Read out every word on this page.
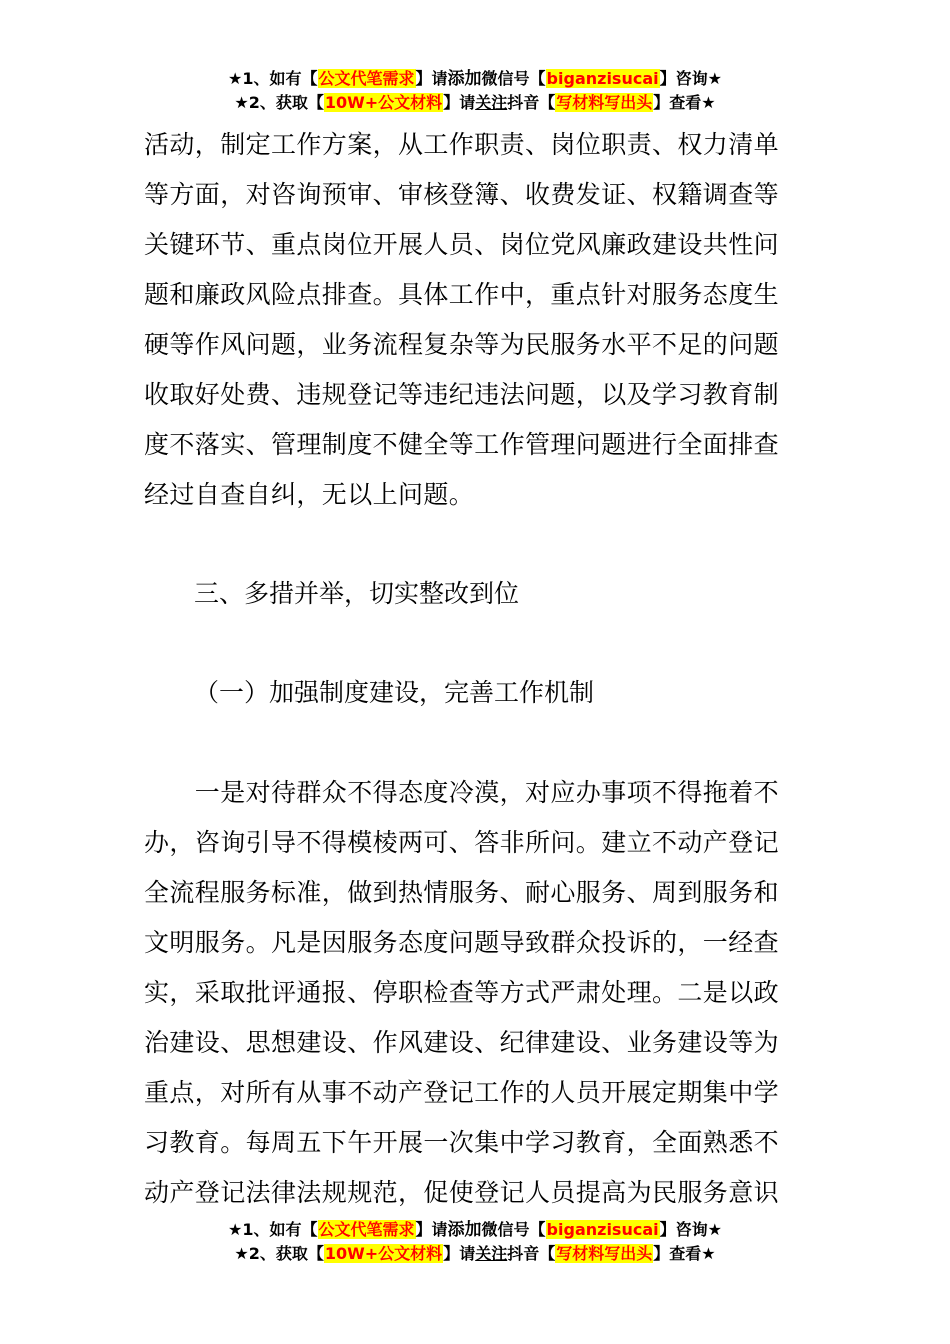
★1、如有【公文代笔需求】请添加微信号【biganzisucai】咨询★
★2、获取【10W+公文材料】请关注抖音【写材料写出头】查看★
活动，制定工作方案，从工作职责、岗位职责、权力清单
等方面，对咨询预审、审核登簿、收费发证、权籍调查等
关键环节、重点岗位开展人员、岗位党风廉政建设共性问
题和廉政风险点排查。具体工作中，重点针对服务态度生
硬等作风问题，业务流程复杂等为民服务水平不足的问题
收取好处费、违规登记等违纪违法问题，以及学习教育制
度不落实、管理制度不健全等工作管理问题进行全面排查
经过自查自纠，无以上问题。
三、多措并举，切实整改到位
（一）加强制度建设，完善工作机制
　　一是对待群众不得态度冷漠，对应办事项不得拖着不
办，咨询引导不得模棱两可、答非所问。建立不动产登记
全流程服务标准，做到热情服务、耐心服务、周到服务和
文明服务。凡是因服务态度问题导致群众投诉的，一经查
实，采取批评通报、停职检查等方式严肃处理。二是以政
治建设、思想建设、作风建设、纪律建设、业务建设等为
重点，对所有从事不动产登记工作的人员开展定期集中学
习教育。每周五下午开展一次集中学习教育，全面熟悉不
动产登记法律法规规范，促使登记人员提高为民服务意识
★1、如有【公文代笔需求】请添加微信号【biganzisucai】咨询★
★2、获取【10W+公文材料】请关注抖音【写材料写出头】查看★
